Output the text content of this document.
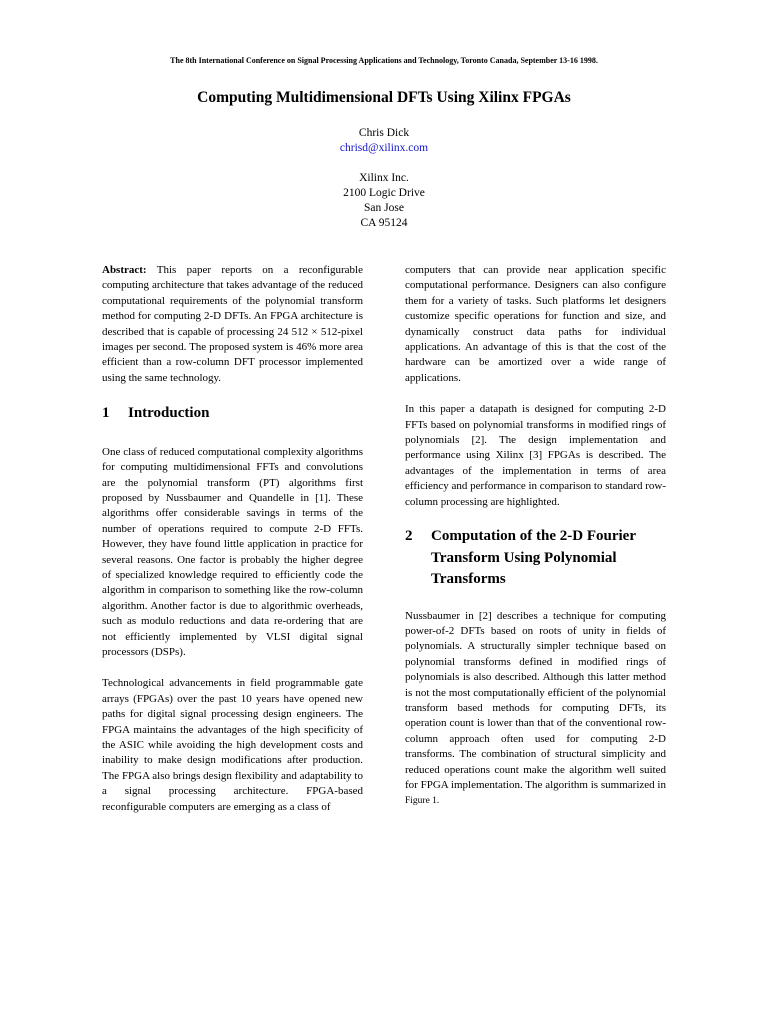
The 8th International Conference on Signal Processing Applications and Technology, Toronto Canada, September 13-16 1998.
Computing Multidimensional DFTs Using Xilinx FPGAs
Chris Dick
chrisd@xilinx.com
Xilinx Inc.
2100 Logic Drive
San Jose
CA 95124

Abstract: This paper reports on a reconfigurable computing architecture that takes advantage of the reduced computational requirements of the polynomial transform method for computing 2-D DFTs. An FPGA architecture is described that is capable of processing 24 512 × 512-pixel images per second. The proposed system is 46% more area efficient than a row-column DFT processor implemented using the same technology.

1	Introduction

One class of reduced computational complexity algorithms for computing multidimensional FFTs and convolutions are the polynomial transform (PT) algorithms first proposed by Nussbaumer and Quandelle in [1]. These algorithms offer considerable savings in terms of the number of operations required to compute 2-D FFTs. However, they have found little application in practice for several reasons. One factor is probably the higher degree of specialized knowledge required to efficiently code the algorithm in comparison to something like the row-column algorithm. Another factor is due to algorithmic overheads, such as modulo reductions and data re-ordering that are not efficiently implemented by VLSI digital signal processors (DSPs).

Technological advancements in field programmable gate arrays (FPGAs) over the past 10 years have opened new paths for digital signal processing design engineers. The FPGA maintains the advantages of the high specificity of the ASIC while avoiding the high development costs and inability to make design modifications after production. The FPGA also brings design flexibility and adaptability to a signal processing architecture. FPGA-based reconfigurable computers are emerging as a class of

computers that can provide near application specific computational performance. Designers can also configure them for a variety of tasks. Such platforms let designers customize specific operations for function and size, and dynamically construct data paths for individual applications. An advantage of this is that the cost of the hardware can be amortized over a wide range of applications.

In this paper a datapath is designed for computing 2-D FFTs based on polynomial transforms in modified rings of polynomials [2]. The design implementation and performance using Xilinx [3] FPGAs is described. The advantages of the implementation in terms of area efficiency and performance in comparison to standard row-column processing are highlighted.

2	Computation of the 2-D Fourier Transform Using Polynomial Transforms

Nussbaumer in [2] describes a technique for computing power-of-2 DFTs based on roots of unity in fields of polynomials. A structurally simpler technique based on polynomial transforms defined in modified rings of polynomials is also described. Although this latter method is not the most computationally efficient of the polynomial transform based methods for computing DFTs, its operation count is lower than that of the conventional row-column approach often used for computing 2-D transforms. The combination of structural simplicity and reduced operations count make the algorithm well suited for FPGA implementation. The algorithm is summarized in Figure 1.
